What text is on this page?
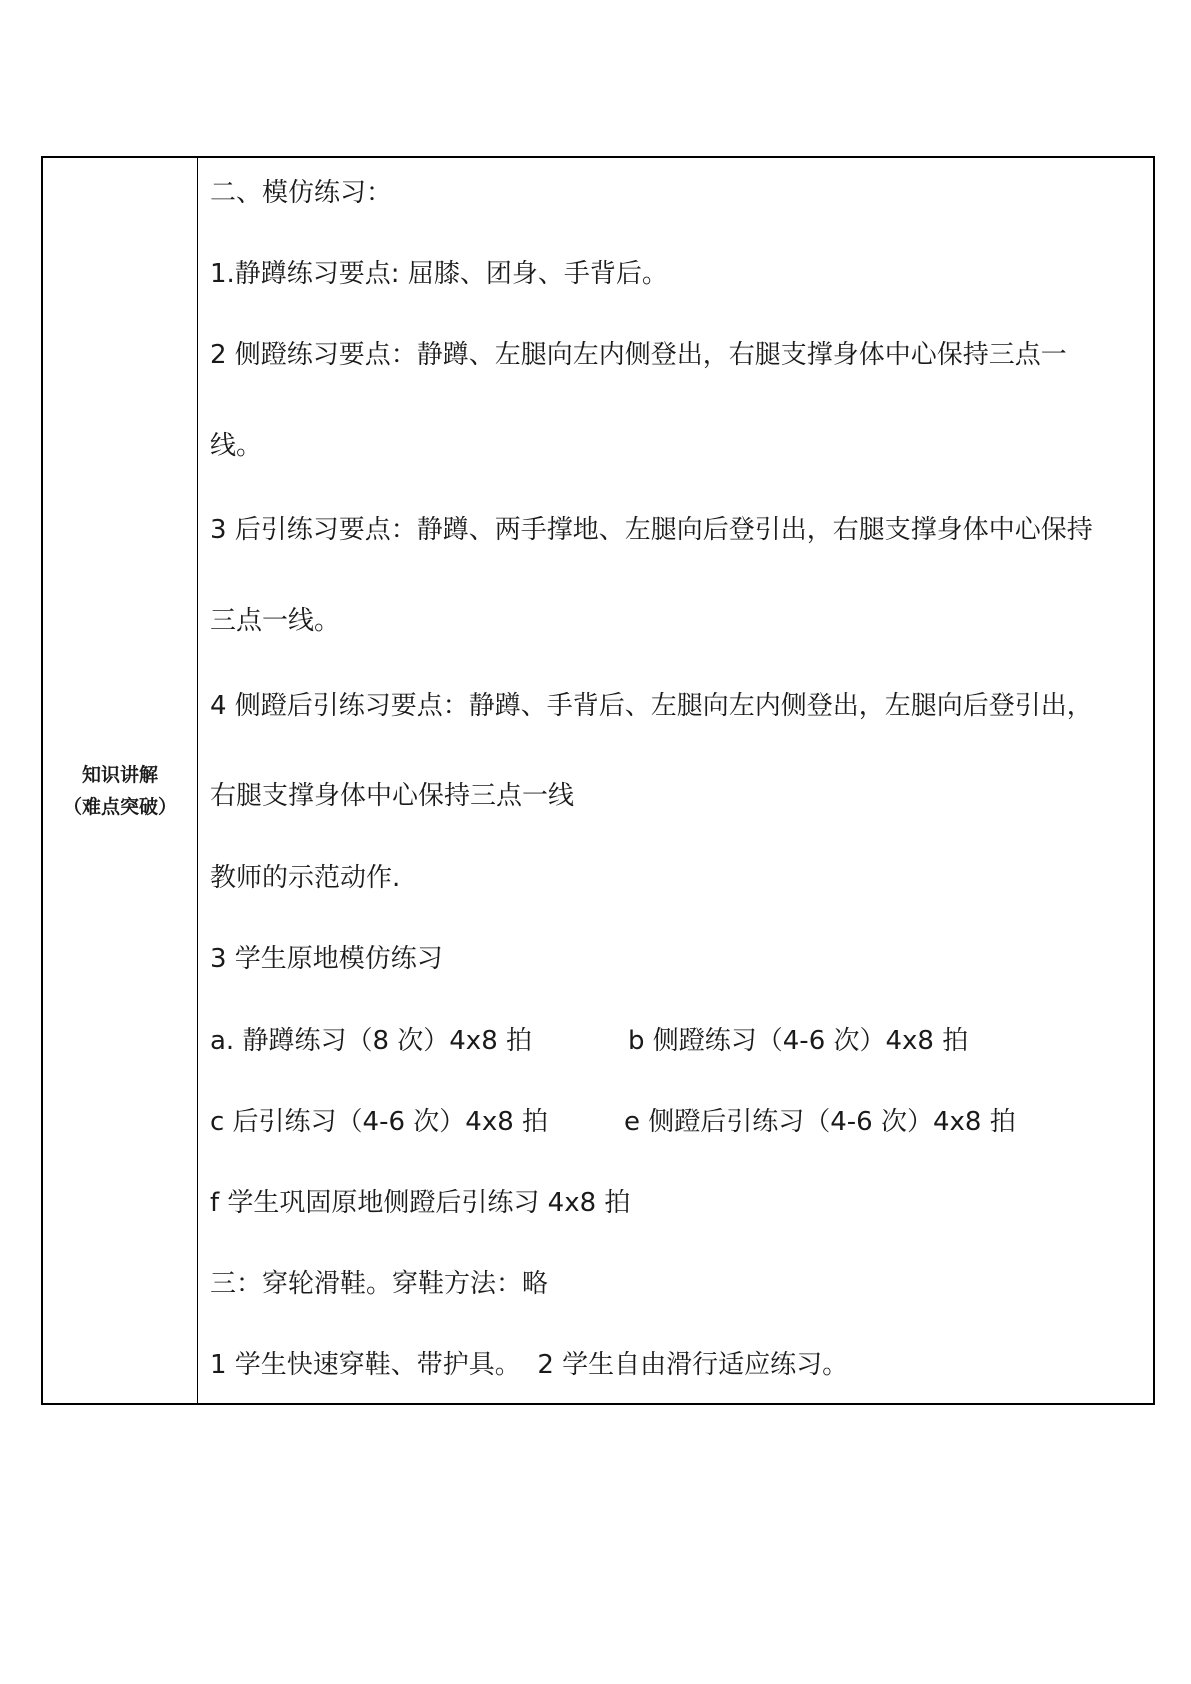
知识讲解
（难点突破）
二、模仿练习：
1.静蹲练习要点: 屈膝、团身、手背后。
2 侧蹬练习要点：静蹲、左腿向左内侧登出，右腿支撑身体中心保持三点一
线。
3 后引练习要点：静蹲、两手撑地、左腿向后登引出，右腿支撑身体中心保持
三点一线。
4 侧蹬后引练习要点：静蹲、手背后、左腿向左内侧登出，左腿向后登引出，
右腿支撑身体中心保持三点一线
教师的示范动作.
3 学生原地模仿练习
a. 静蹲练习（8 次）4x8 拍	b 侧蹬练习（4-6 次）4x8 拍
c 后引练习（4-6 次）4x8 拍	e 侧蹬后引练习（4-6 次）4x8 拍
f 学生巩固原地侧蹬后引练习 4x8 拍
三：穿轮滑鞋。穿鞋方法：略
1 学生快速穿鞋、带护具。  2 学生自由滑行适应练习。
